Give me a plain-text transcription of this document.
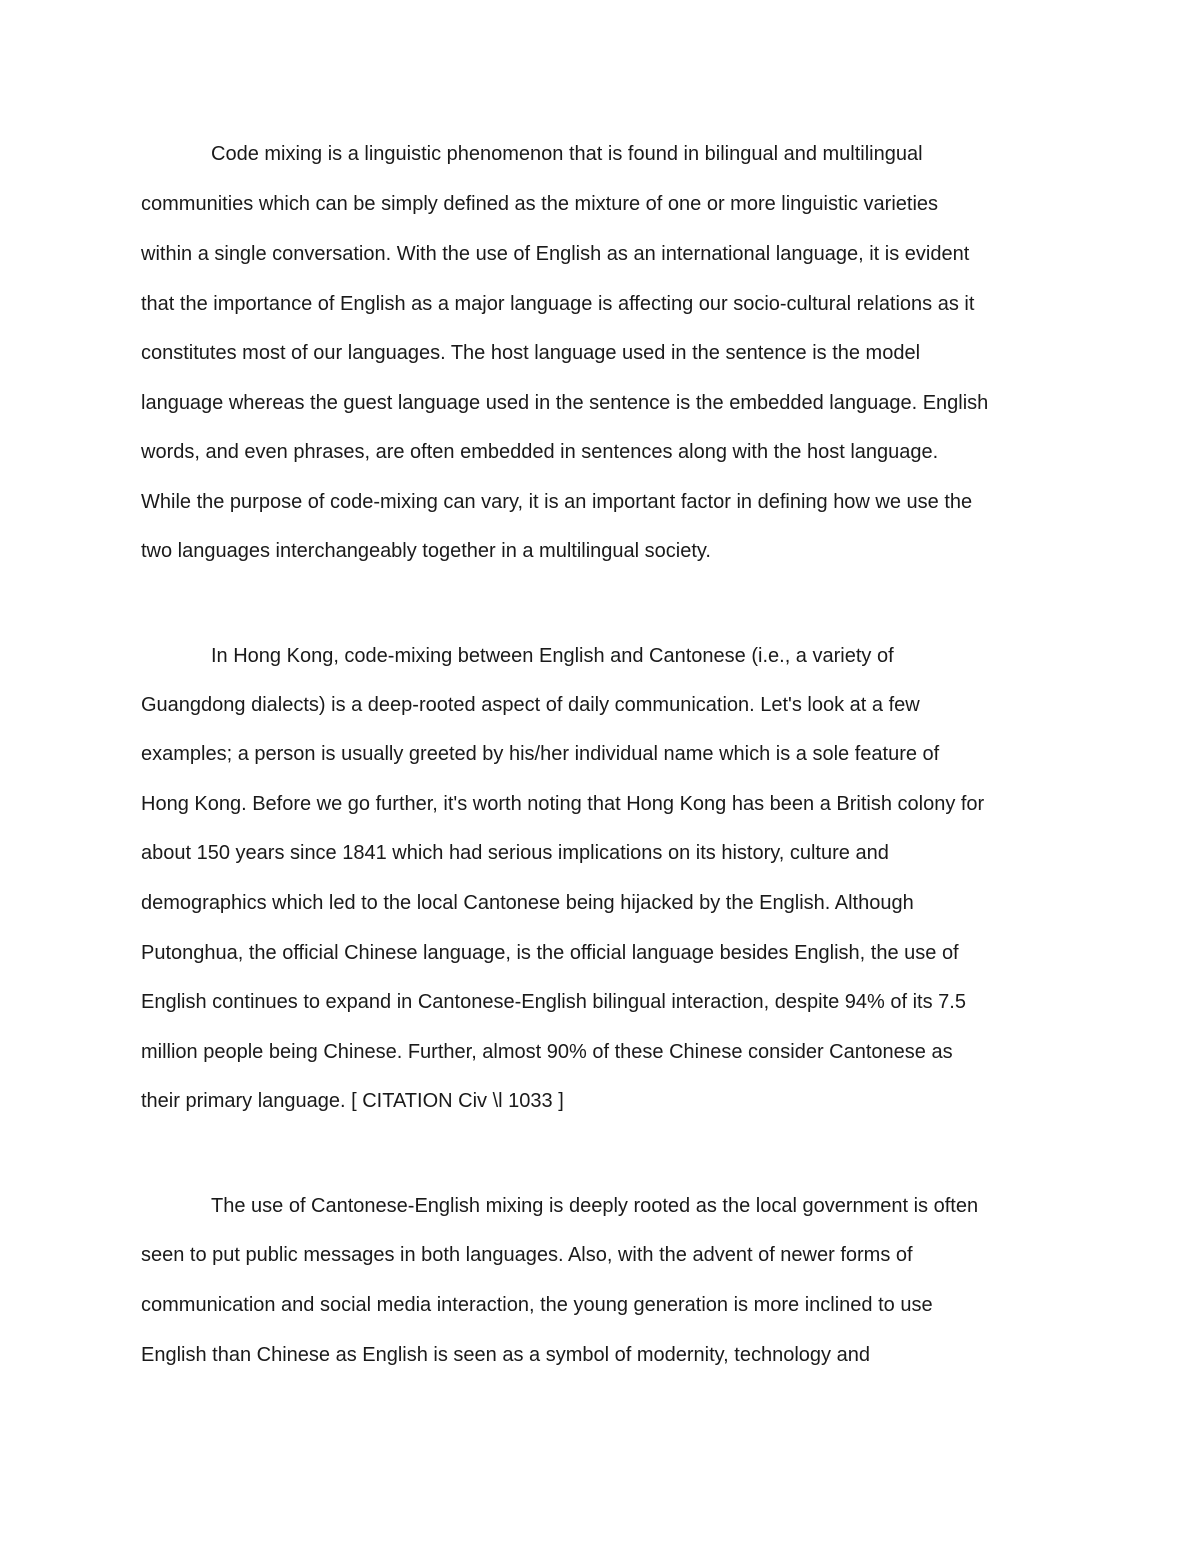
Code mixing is a linguistic phenomenon that is found in bilingual and multilingual
communities which can be simply defined as the mixture of one or more linguistic varieties
within a single conversation. With the use of English as an international language, it is evident
that the importance of English as a major language is affecting our socio-cultural relations as it
constitutes most of our languages. The host language used in the sentence is the model
language whereas the guest language used in the sentence is the embedded language. English
words, and even phrases, are often embedded in sentences along with the host language.
While the purpose of code-mixing can vary, it is an important factor in defining how we use the
two languages interchangeably together in a multilingual society.
In Hong Kong, code-mixing between English and Cantonese (i.e., a variety of
Guangdong dialects) is a deep-rooted aspect of daily communication. Let's look at a few
examples; a person is usually greeted by his/her individual name which is a sole feature of
Hong Kong. Before we go further, it's worth noting that Hong Kong has been a British colony for
about 150 years since 1841 which had serious implications on its history, culture and
demographics which led to the local Cantonese being hijacked by the English. Although
Putonghua, the official Chinese language, is the official language besides English, the use of
English continues to expand in Cantonese-English bilingual interaction, despite 94% of its 7.5
million people being Chinese. Further, almost 90% of these Chinese consider Cantonese as
their primary language. [ CITATION Civ \l 1033 ]
The use of Cantonese-English mixing is deeply rooted as the local government is often
seen to put public messages in both languages. Also, with the advent of newer forms of
communication and social media interaction, the young generation is more inclined to use
English than Chinese as English is seen as a symbol of modernity, technology and
